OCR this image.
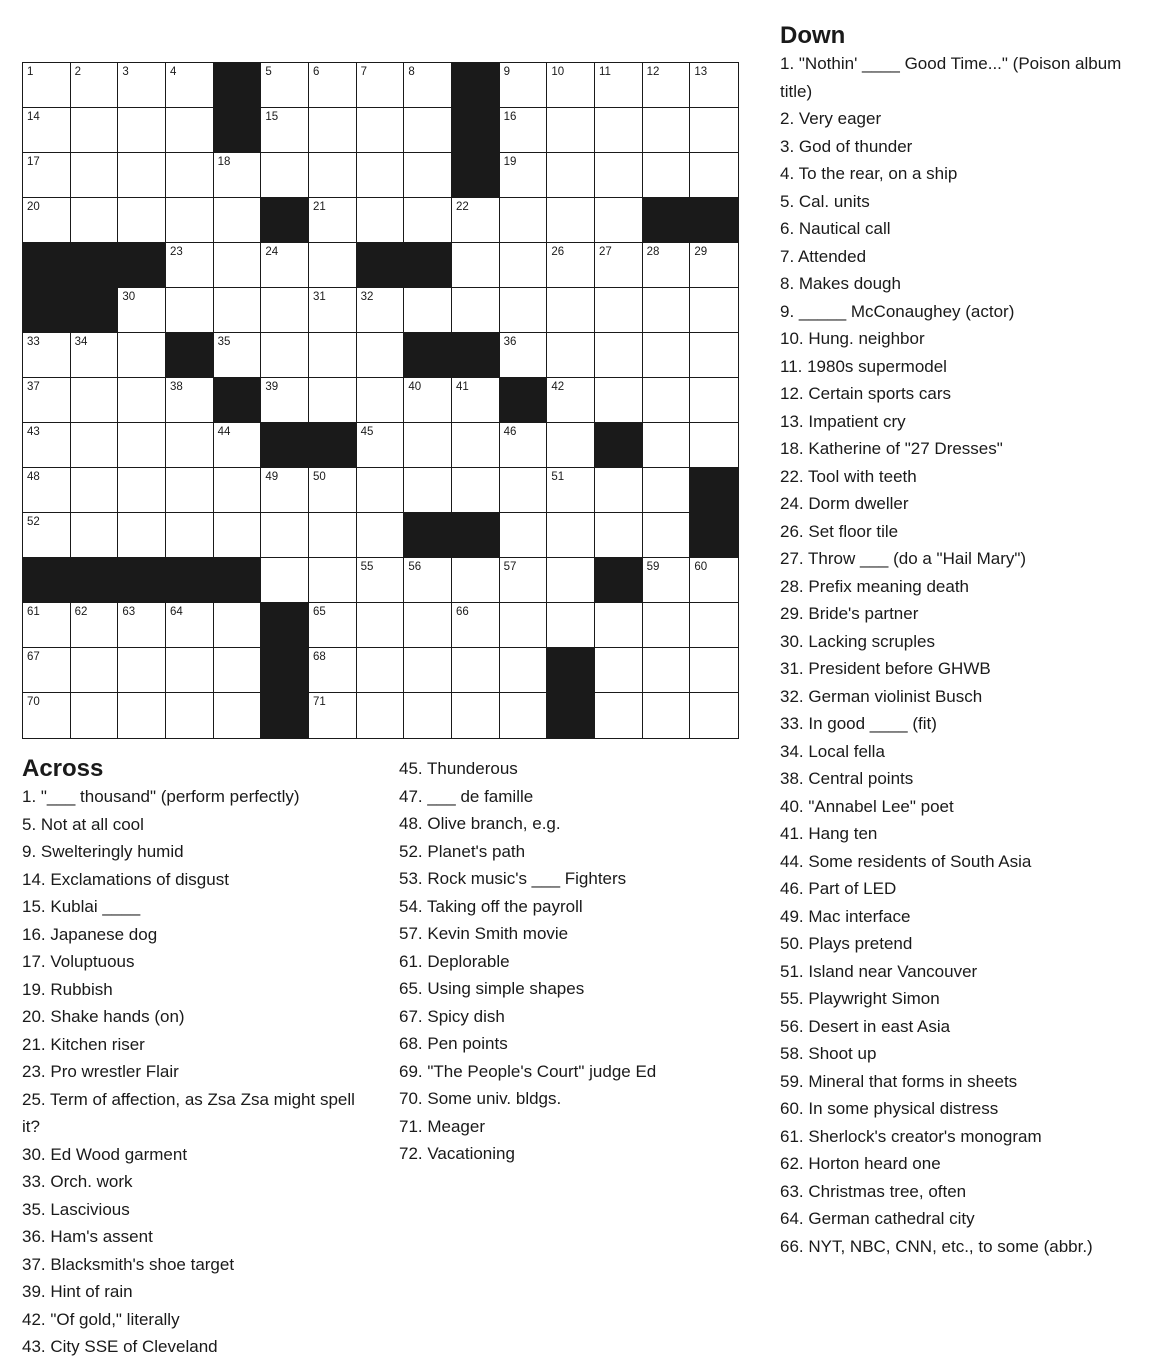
1	2	3	4	5	6	7	8	9	10	11	12	13
14	15	16
17	18	19
20	21	22
23	24	26	27	28	29
30	31	32
33	34	35	36
37	38	39	40	41	42
43	44	45	46
48	49	50	51
52
55	56	57	59	60
61	62	63	64	65	66
67	68
70	71
Across
1. "___ thousand" (perform perfectly)
5. Not at all cool
9. Swelteringly humid
14. Exclamations of disgust
15. Kublai ____
16. Japanese dog
17. Voluptuous
19. Rubbish
20. Shake hands (on)
21. Kitchen riser
23. Pro wrestler Flair
25. Term of affection, as Zsa Zsa might spell it?
30. Ed Wood garment
33. Orch. work
35. Lascivious
36. Ham's assent
37. Blacksmith's shoe target
39. Hint of rain
42. "Of gold," literally
43. City SSE of Cleveland
45. Thunderous
47. ___ de famille
48. Olive branch, e.g.
52. Planet's path
53. Rock music's ___ Fighters
54. Taking off the payroll
57. Kevin Smith movie
61. Deplorable
65. Using simple shapes
67. Spicy dish
68. Pen points
69. "The People's Court" judge Ed
70. Some univ. bldgs.
71. Meager
72. Vacationing
Down
1. "Nothin' ____ Good Time..." (Poison album title)
2. Very eager
3. God of thunder
4. To the rear, on a ship
5. Cal. units
6. Nautical call
7. Attended
8. Makes dough
9. _____ McConaughey (actor)
10. Hung. neighbor
11. 1980s supermodel
12. Certain sports cars
13. Impatient cry
18. Katherine of "27 Dresses"
22. Tool with teeth
24. Dorm dweller
26. Set floor tile
27. Throw ___ (do a "Hail Mary")
28. Prefix meaning death
29. Bride's partner
30. Lacking scruples
31. President before GHWB
32. German violinist Busch
33. In good ____ (fit)
34. Local fella
38. Central points
40. "Annabel Lee" poet
41. Hang ten
44. Some residents of South Asia
46. Part of LED
49. Mac interface
50. Plays pretend
51. Island near Vancouver
55. Playwright Simon
56. Desert in east Asia
58. Shoot up
59. Mineral that forms in sheets
60. In some physical distress
61. Sherlock's creator's monogram
62. Horton heard one
63. Christmas tree, often
64. German cathedral city
66. NYT, NBC, CNN, etc., to some (abbr.)
